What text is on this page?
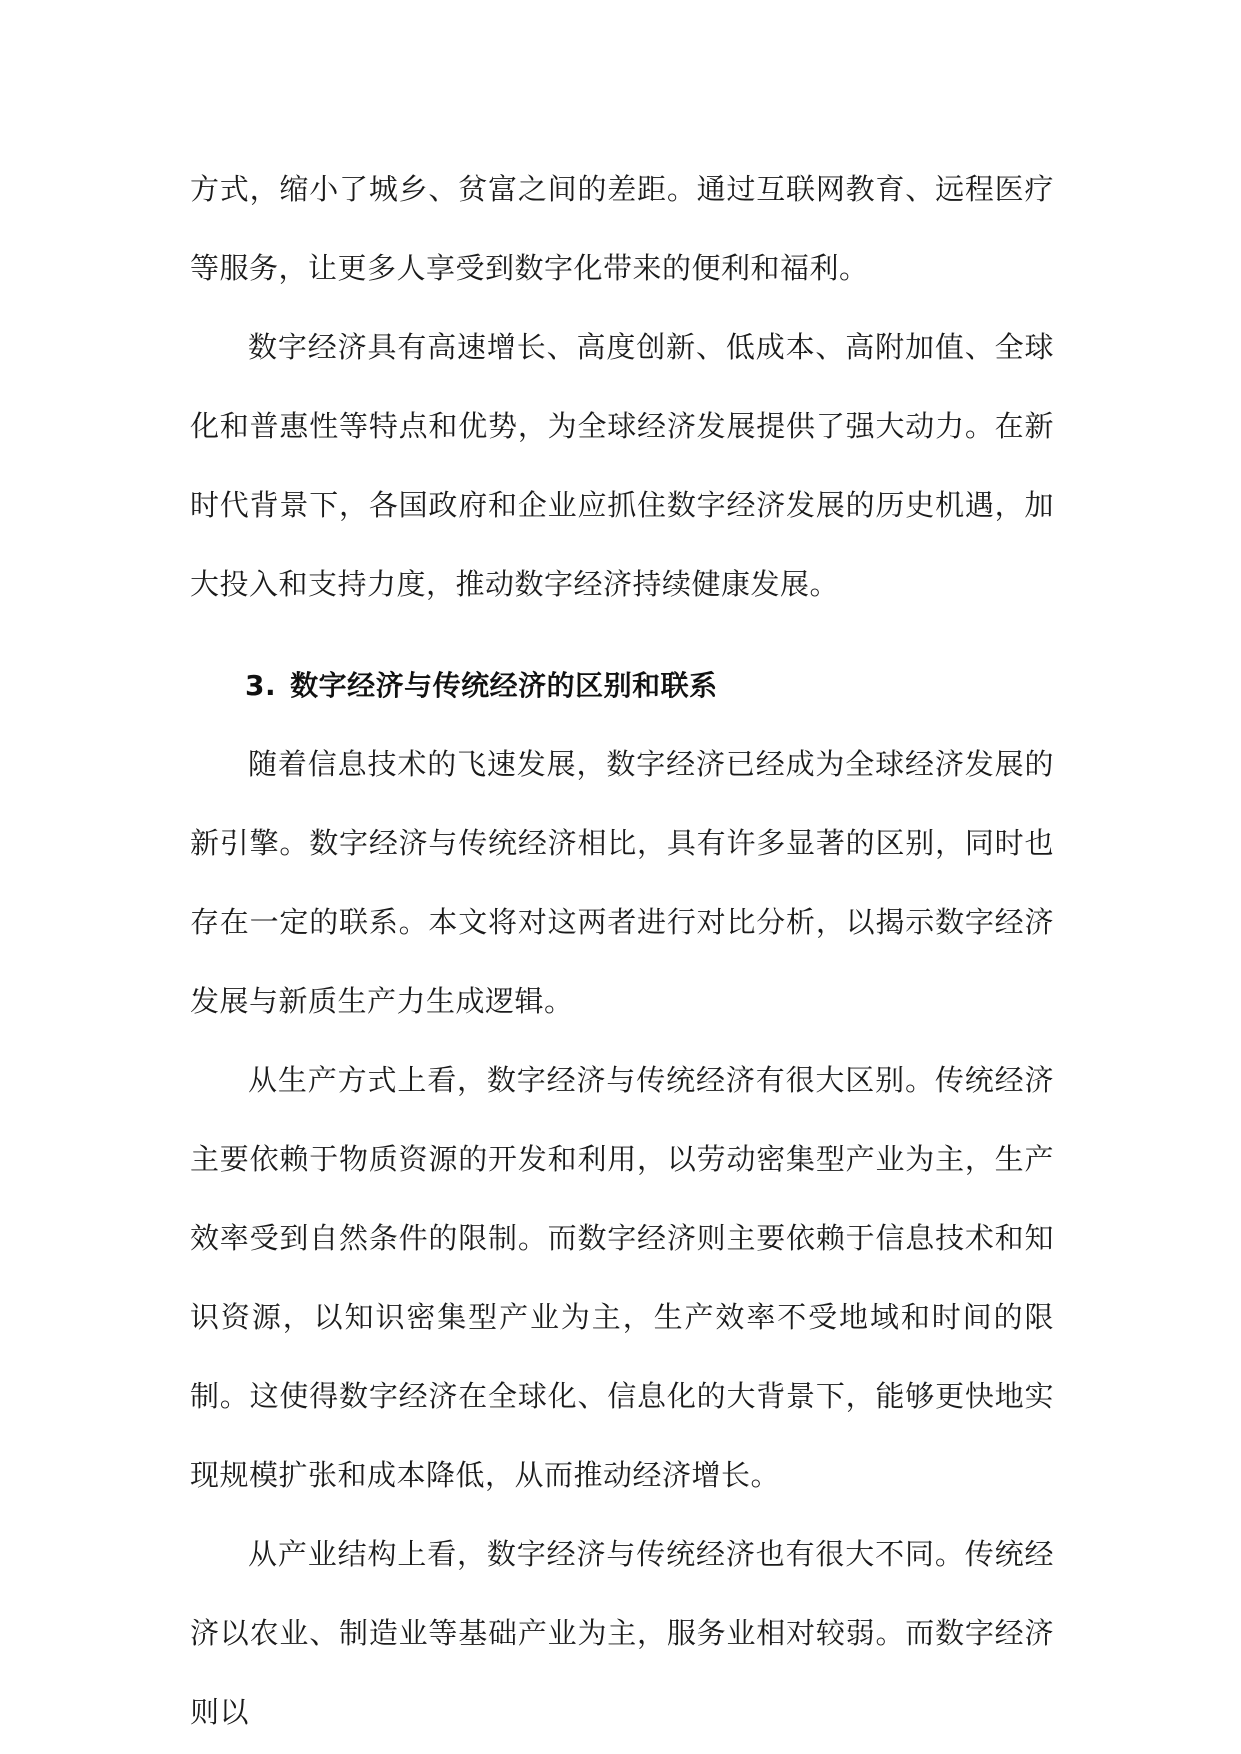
方式，缩小了城乡、贫富之间的差距。通过互联网教育、远程医疗等服务，让更多人享受到数字化带来的便利和福利。

数字经济具有高速增长、高度创新、低成本、高附加值、全球化和普惠性等特点和优势，为全球经济发展提供了强大动力。在新时代背景下，各国政府和企业应抓住数字经济发展的历史机遇，加大投入和支持力度，推动数字经济持续健康发展。

3. 数字经济与传统经济的区别和联系

随着信息技术的飞速发展，数字经济已经成为全球经济发展的新引擎。数字经济与传统经济相比，具有许多显著的区别，同时也存在一定的联系。本文将对这两者进行对比分析，以揭示数字经济发展与新质生产力生成逻辑。

从生产方式上看，数字经济与传统经济有很大区别。传统经济主要依赖于物质资源的开发和利用，以劳动密集型产业为主，生产效率受到自然条件的限制。而数字经济则主要依赖于信息技术和知识资源，以知识密集型产业为主，生产效率不受地域和时间的限制。这使得数字经济在全球化、信息化的大背景下，能够更快地实现规模扩张和成本降低，从而推动经济增长。

从产业结构上看，数字经济与传统经济也有很大不同。传统经济以农业、制造业等基础产业为主，服务业相对较弱。而数字经济则以
